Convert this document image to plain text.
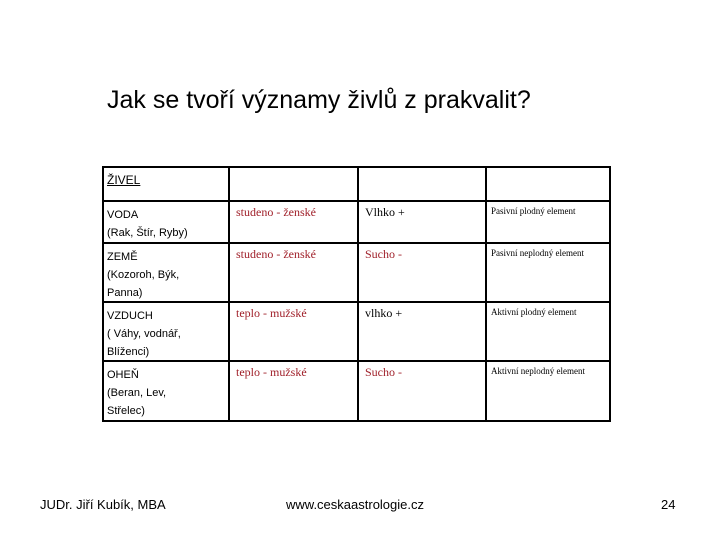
Jak se tvoří významy živlů z prakvalit?
ŽIVEL			
VODA
(Rak, Štír, Ryby)	studeno - ženské	Vlhko +	Pasivní plodný element

ZEMĚ
(Kozoroh, Býk,
Panna)	studeno - ženské	Sucho -	Pasivní neplodný element

VZDUCH
( Váhy, vodnář,
Blíženci)	teplo - mužské	vlhko +	Aktivní plodný element

OHEŇ
(Beran, Lev,
Střelec)	teplo - mužské	Sucho -	Aktivní neplodný element
JUDr. Jiří Kubík, MBA	www.ceskaastrologie.cz	24
